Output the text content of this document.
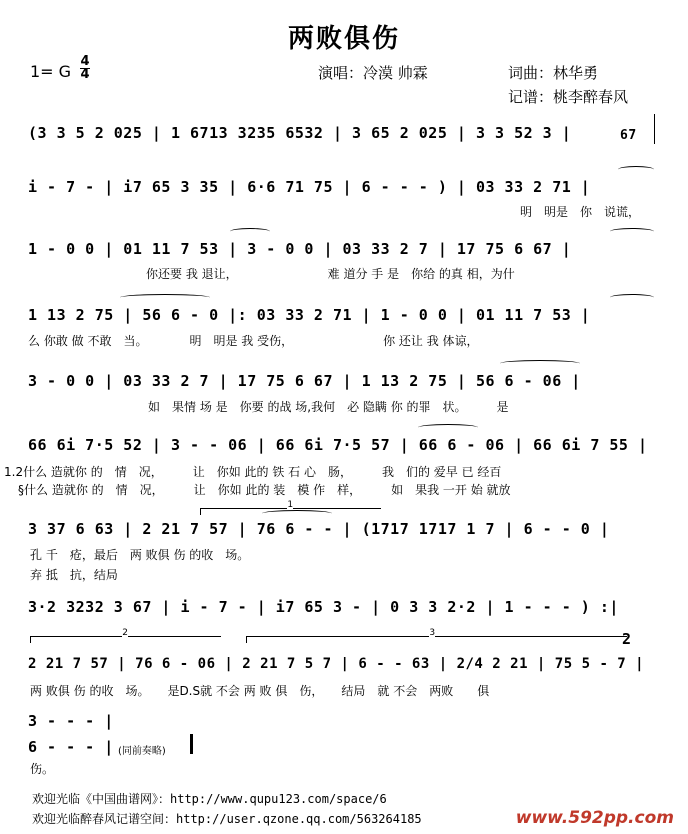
两败俱伤
1= G $\frac{4}{4}$	演唱：冷漠 帅霖	词曲：林华勇
记谱：桃李醉春风
67
(3 3 5 2 025 | 1 6713 3235 6532 | 3 65 2 025 | 3 3 52 3 |
i - 7 - | i7 65 3 35 | 6·6 71 75 | 6 - - - ) | 03 33 2 71 |
明　明是　你　说谎，
1 - 0 0 | 01 11 7 53 | 3 - 0 0 | 03 33 2 7 | 17 75 6 67 |
你还要 我 退让，　　　　　　　　难 道分 手 是　你给 的真 相，为什
1 13 2 75 | 56 6 - 0 |: 03 33 2 71 | 1 - 0 0 | 01 11 7 53 |
么 你敢 做 不敢　当。　　　　明　明是 我 受伤，　　　　　　　　你 还让 我 体谅，
3 - 0 0 | 03 33 2 7 | 17 75 6 67 | 1 13 2 75 | 56 6 - 06 |
如　果情 场 是　你要 的战 场,我何　必 隐瞒 你 的罪　状。　　　是
66 6i 7·5 52 | 3 - - 06 | 66 6i 7·5 57 | 66 6 - 06 | 66 6i 7 55 |
1.2什么 造就你 的　情　况，　　　让　你如 此的 铁 石 心　肠，　　　我　们的 爱早 已 经百
§什么 造就你 的　情　况，　　　让　你如 此的 装　模 作　样，　　　如　果我 一开 始 就放
1
3 37 6 63 | 2 21 7 57 | 76 6 - - | (1717 1717 1 7 | 6 - - 0 |
孔 千　疮，最后　两 败俱 伤 的收　场。
弃 抵　抗，结局
3·2 3232 3 67 | i - 7 - | i7 65 3 - | 0 3 3 2·2 | 1 - - - ) :|
2	3	2
2 21 7 57 | 76 6 - 06 | 2 21 7 5 7 | 6 - - 63 | 2/4 2 21 | 75 5 - 7 |
两 败俱 伤 的收　场。　　是D.S就 不会 两 败 俱　伤，　　结局　就 不会　两败　　俱
3 - - - |
6 - - - | (同前奏略)
伤。
欢迎光临《中国曲谱网》：http://www.qupu123.com/space/6
欢迎光临醉春风记谱空间：http://user.qzone.qq.com/563264185	www.592pp.com
